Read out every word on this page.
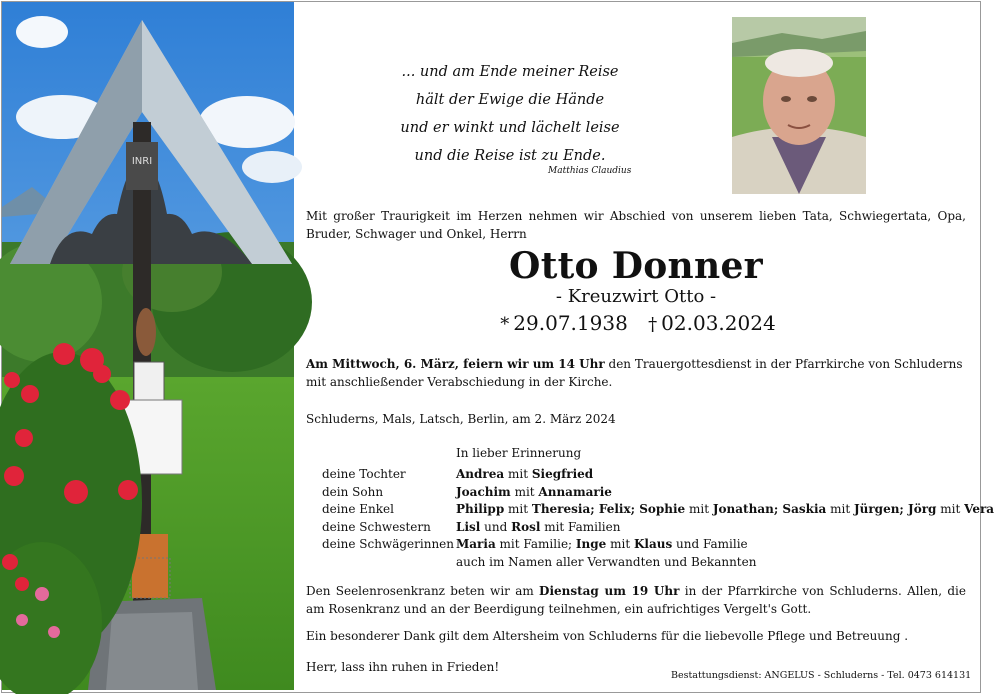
INRI
... und am Ende meiner Reise
hält der Ewige die Hände
und er winkt und lächelt leise
und die Reise ist zu Ende.
Matthias Claudius
Mit großer Traurigkeit im Herzen nehmen wir Abschied von unserem lieben Tata, Schwiegertata, Opa, Bruder, Schwager und Onkel, Herrn
Otto Donner
- Kreuzwirt Otto -
* 29.07.1938 † 02.03.2024
Am Mittwoch, 6. März, feiern wir um 14 Uhr den Trauergottesdienst in der Pfarrkirche von Schluderns mit anschließender Verabschiedung in der Kirche.
Schluderns, Mals, Latsch, Berlin, am 2. März 2024
In lieber Erinnerung
deine Tochter	Andrea mit Siegfried
dein Sohn	Joachim mit Annamarie
deine Enkel	Philipp mit Theresia; Felix; Sophie mit Jonathan; Saskia mit Jürgen; Jörg mit Vera
deine Schwestern	Lisl und Rosl mit Familien
deine Schwägerinnen Maria mit Familie; Inge mit Klaus und Familie
auch im Namen aller Verwandten und Bekannten
Den Seelenrosenkranz beten wir am Dienstag um 19 Uhr in der Pfarrkirche von Schluderns. Allen, die am Rosenkranz und an der Beerdigung teilnehmen, ein aufrichtiges Vergelt's Gott.
Ein besonderer Dank gilt dem Altersheim von Schluderns für die liebevolle Pflege und Betreuung .
Herr, lass ihn ruhen in Frieden!
Bestattungsdienst: ANGELUS - Schluderns - Tel. 0473 614131
